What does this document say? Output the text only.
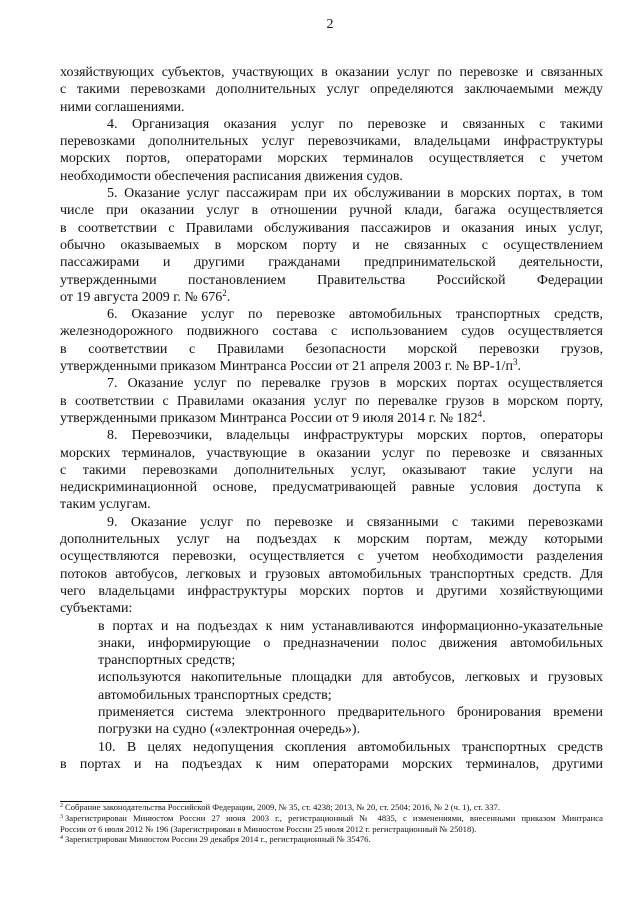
2
хозяйствующих субъектов, участвующих в оказании услуг по перевозке и связанных
с такими перевозками дополнительных услуг определяются заключаемыми между
ними соглашениями.
4. Организация оказания услуг по перевозке и связанных с такими
перевозками дополнительных услуг перевозчиками, владельцами инфраструктуры
морских портов, операторами морских терминалов осуществляется с учетом
необходимости обеспечения расписания движения судов.
5. Оказание услуг пассажирам при их обслуживании в морских портах, в том
числе при оказании услуг в отношении ручной клади, багажа осуществляется
в соответствии с Правилами обслуживания пассажиров и оказания иных услуг,
обычно оказываемых в морском порту и не связанных с осуществлением
пассажирами и другими гражданами предпринимательской деятельности,
утвержденными постановлением Правительства Российской Федерации
от 19 августа 2009 г. № 676$^2$.
6. Оказание услуг по перевозке автомобильных транспортных средств,
железнодорожного подвижного состава с использованием судов осуществляется
в соответствии с Правилами безопасности морской перевозки грузов,
утвержденными приказом Минтранса России от 21 апреля 2003 г. № ВР-1/п$^3$.
7. Оказание услуг по перевалке грузов в морских портах осуществляется
в соответствии с Правилами оказания услуг по перевалке грузов в морском порту,
утвержденными приказом Минтранса России от 9 июля 2014 г. № 182$^4$.
8. Перевозчики, владельцы инфраструктуры морских портов, операторы
морских терминалов, участвующие в оказании услуг по перевозке и связанных
с такими перевозками дополнительных услуг, оказывают такие услуги на
недискриминационной основе, предусматривающей равные условия доступа к
таким услугам.
9. Оказание услуг по перевозке и связанными с такими перевозками
дополнительных услуг на подъездах к морским портам, между которыми
осуществляются перевозки, осуществляется с учетом необходимости разделения
потоков автобусов, легковых и грузовых автомобильных транспортных средств. Для
чего владельцами инфраструктуры морских портов и другими хозяйствующими
субъектами:
в портах и на подъездах к ним устанавливаются информационно-указательные
знаки, информирующие о предназначении полос движения автомобильных
транспортных средств;
используются накопительные площадки для автобусов, легковых и грузовых
автомобильных транспортных средств;
применяется система электронного предварительного бронирования времени
погрузки на судно («электронная очередь»).
10. В целях недопущения скопления автомобильных транспортных средств
в портах и на подъездах к ним операторами морских терминалов, другими
$^2$ Собрание законодательства Российской Федерации, 2009, № 35, ст. 4238; 2013, № 20, ст. 2504; 2016, № 2 (ч. 1), ст. 337.
$^3$ Зарегистрирован Минюстом России 27 июня 2003 г., регистрационный № 4835, с изменениями, внесенными приказом Минтранса
России от 6 июля 2012 № 196 (Зарегистрирован в Минюстом России 25 июля 2012 г. регистрационный № 25018).
$^4$ Зарегистрирован Минюстом России 29 декабря 2014 г., регистрационный № 35476.
